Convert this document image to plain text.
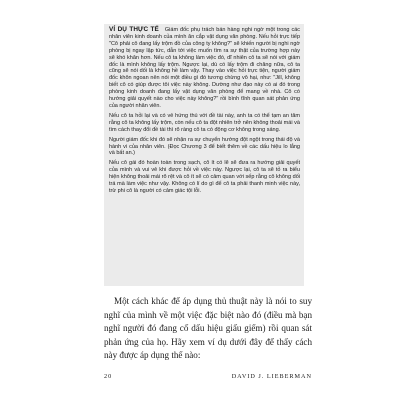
VÍ DỤ THỰC TẾ Giám đốc phụ trách bán hàng nghi ngờ một trong các nhân viên kinh doanh của mình ăn cắp vật dụng văn phòng. Nếu hỏi trực tiếp "Cô phải cô đang lấy trộm đồ của công ty không?" sẽ khiến người bị nghi ngờ phòng bị ngay lập tức, dẫn tới việc muốn tìm ra sự thật của trường hợp này sẽ khó khăn hơn. Nếu cô ta không làm việc đó, dĩ nhiên cô ta sẽ nói với giám đốc là mình không lấy trộm. Ngược lại, dù có lấy trộm đi chăng nữa, cô ta cũng sẽ nói dối là không hề làm vậy. Thay vào việc hỏi trực tiện, người giám đốc khôn ngoan nên nói một điều gì đó tương chừng vô hại, như: "Jill, không biết cô có giúp được tôi việc này không. Dường như đạo này có ai đó trong phòng kinh doanh đang lấy vật dụng văn phòng để mang về nhà. Cô có hướng giải quyết nào cho việc này không?" rồi bình tĩnh quan sát phản ứng của người nhân viên.

Nếu cô ta hỏi lại và có vẻ hứng thú với đề tài này, anh ta có thể tạm an tâm rằng cô ta không lấy trộm, còn nếu cô ta đột nhiên trở nên không thoải mái và tìm cách thay đổi đề tài thì rõ ràng cô ta có động cơ không trong sáng.

Người giám đốc khi đó sẽ nhận ra sự chuyển hướng đột ngột trong thái độ và hành vi của nhân viên. (Đọc Chương 3 để biết thêm về các dấu hiệu lo lắng và bất an.)

Nếu cô gái đó hoàn toàn trong sạch, cô ít có lẽ sẽ đưa ra hướng giải quyết của mình và vui vẻ khi được hỏi về việc này. Ngược lại, cô ta sẽ tỏ ra biểu hiện không thoải mái rõ rệt và cô ít sẽ có cảm quan với sếp rằng cô không dối trá mà làm việc như vậy. Không có lí do gì để cô ta phải thanh minh việc này, trừ phi cô là người có cảm giác tội lỗi.

Một cách khác để áp dụng thủ thuật này là nói to suy nghĩ của mình về một việc đặc biệt nào đó (điều mà bạn nghĩ người đó đang cố dấu hiệu giấu giếm) rồi quan sát phản ứng của họ. Hãy xem ví dụ dưới đây để thấy cách này được áp dụng thế nào:

20	DAVID J. LIEBERMAN
